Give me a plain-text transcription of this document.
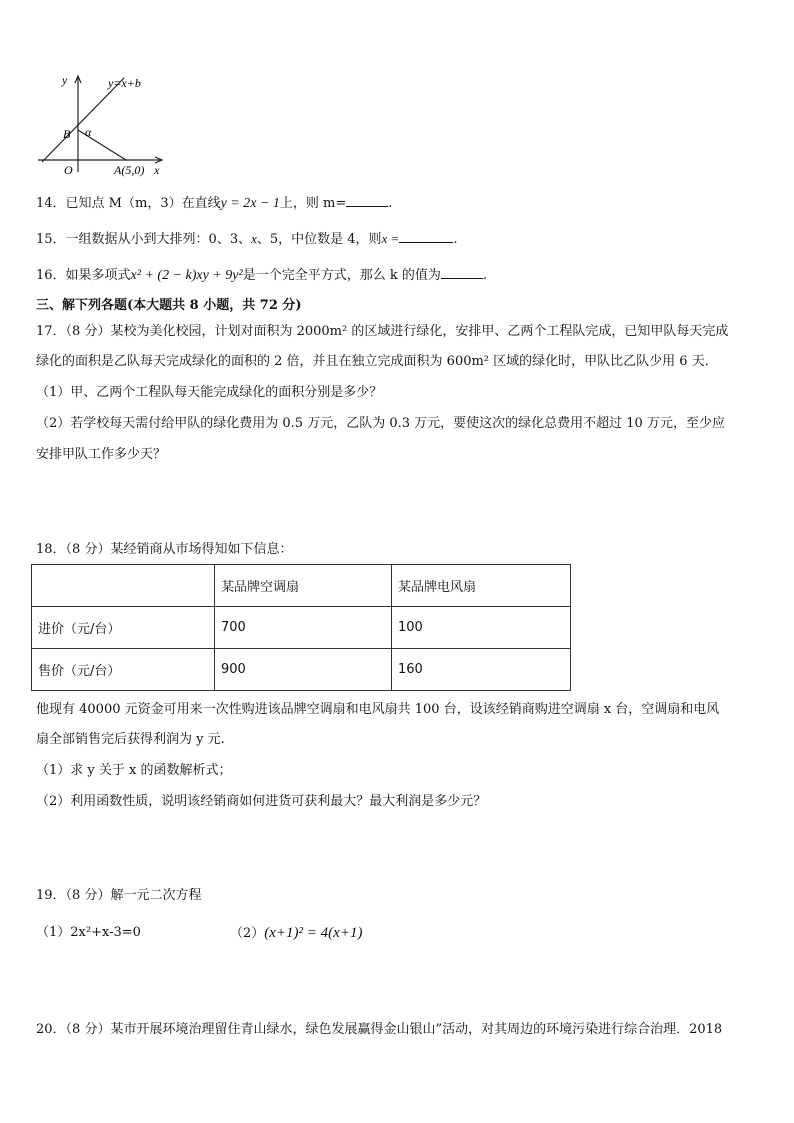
y	y=x+b
B α
O	A(5,0) x
14．已知点 M（m，3）在直线y = 2x − 1上，则 m=	.
15．一组数据从小到大排列：0、3、x、5，中位数是 4，则x =	.
16．如果多项式x² + (2 − k)xy + 9y²是一个完全平方式，那么 k 的值为	.
三、解下列各题(本大题共 8 小题，共 72 分)
17．（8 分）某校为美化校园，计划对面积为 2000m² 的区域进行绿化，安排甲、乙两个工程队完成，已知甲队每天完成
绿化的面积是乙队每天完成绿化的面积的 2 倍，并且在独立完成面积为 600m² 区域的绿化时，甲队比乙队少用 6 天．
（1）甲、乙两个工程队每天能完成绿化的面积分别是多少？
（2）若学校每天需付给甲队的绿化费用为 0.5 万元，乙队为 0.3 万元，要使这次的绿化总费用不超过 10 万元，至少应
安排甲队工作多少天？
18．（8 分）某经销商从市场得知如下信息：
	某品牌空调扇	某品牌电风扇
进价（元/台）	700	100
售价（元/台）	900	160
他现有 40000 元资金可用来一次性购进该品牌空调扇和电风扇共 100 台，设该经销商购进空调扇 x 台，空调扇和电风
扇全部销售完后获得利润为 y 元.
（1）求 y 关于 x 的函数解析式；
（2）利用函数性质，说明该经销商如何进货可获利最大？最大利润是多少元？
19．（8 分）解一元二次方程
（1）2x²+x-3=0	（2）(x+1)² = 4(x+1)
20．（8 分）某市开展环境治理留住青山绿水，绿色发展赢得金山银山”活动，对其周边的环境污染进行综合治理．2018
